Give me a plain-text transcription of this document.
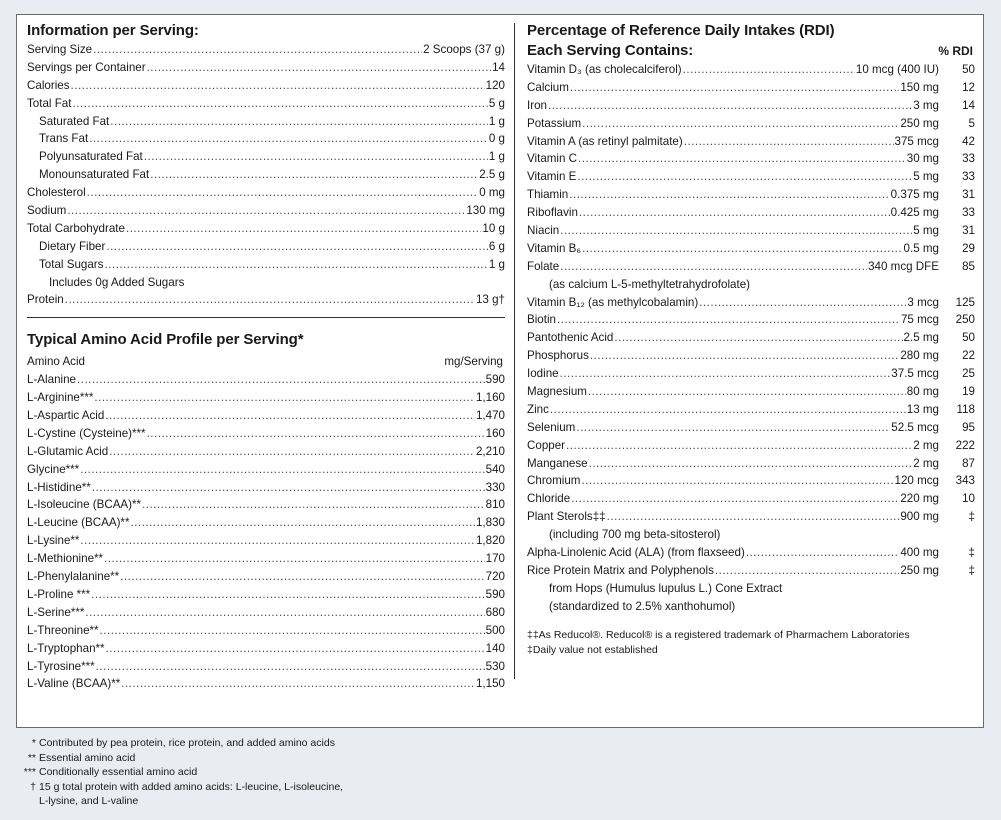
Information per Serving:
Serving Size .....	2 Scoops (37 g)
Servings per Container .....	14
Calories .....	120
Total Fat .....	5 g
Saturated Fat .....	1 g
Trans Fat .....	0 g
Polyunsaturated Fat .....	1 g
Monounsaturated Fat .....	2.5 g
Cholesterol .....	0 mg
Sodium .....	130 mg
Total Carbohydrate .....	10 g
Dietary Fiber .....	6 g
Total Sugars .....	1 g
Includes 0g Added Sugars
Protein .....	13 g†
Typical Amino Acid Profile per Serving*
Amino Acid	mg/Serving
L-Alanine .....	590
L-Arginine*** .....	1,160
L-Aspartic Acid .....	1,470
L-Cystine (Cysteine)*** .....	160
L-Glutamic Acid .....	2,210
Glycine*** .....	540
L-Histidine** .....	330
L-Isoleucine (BCAA)** .....	810
L-Leucine (BCAA)** .....	1,830
L-Lysine** .....	1,820
L-Methionine** .....	170
L-Phenylalanine** .....	720
L-Proline *** .....	590
L-Serine*** .....	680
L-Threonine** .....	500
L-Tryptophan** .....	140
L-Tyrosine*** .....	530
L-Valine (BCAA)** .....	1,150
Percentage of Reference Daily Intakes (RDI)
Each Serving Contains:	% RDI
Vitamin D₃ (as cholecalciferol) .....	10 mcg (400 IU)	50
Calcium .....	150 mg	12
Iron .....	3 mg	14
Potassium .....	250 mg	5
Vitamin A (as retinyl palmitate) .....	375 mcg	42
Vitamin C .....	30 mg	33
Vitamin E .....	5 mg	33
Thiamin .....	0.375 mg	31
Riboflavin .....	0.425 mg	33
Niacin .....	5 mg	31
Vitamin B₆ .....	0.5 mg	29
Folate .....	340 mcg DFE	85
(as calcium L-5-methyltetrahydrofolate)
Vitamin B₁₂ (as methylcobalamin) .....	3 mcg	125
Biotin .....	75 mcg	250
Pantothenic Acid .....	2.5 mg	50
Phosphorus .....	280 mg	22
Iodine .....	37.5 mcg	25
Magnesium .....	80 mg	19
Zinc .....	13 mg	118
Selenium .....	52.5 mcg	95
Copper .....	2 mg	222
Manganese .....	2 mg	87
Chromium .....	120 mcg	343
Chloride .....	220 mg	10
Plant Sterols‡‡ .....	900 mg	‡
(including 700 mg beta-sitosterol)
Alpha-Linolenic Acid (ALA) (from flaxseed) .....	400 mg	‡
Rice Protein Matrix and Polyphenols .....	250 mg	‡
from Hops (Humulus lupulus L.) Cone Extract
(standardized to 2.5% xanthohumol)
‡‡As Reducol®. Reducol® is a registered trademark of Pharmachem Laboratories
‡Daily value not established
* Contributed by pea protein, rice protein, and added amino acids
** Essential amino acid
*** Conditionally essential amino acid
† 15 g total protein with added amino acids: L-leucine, L-isoleucine,
L-lysine, and L-valine
